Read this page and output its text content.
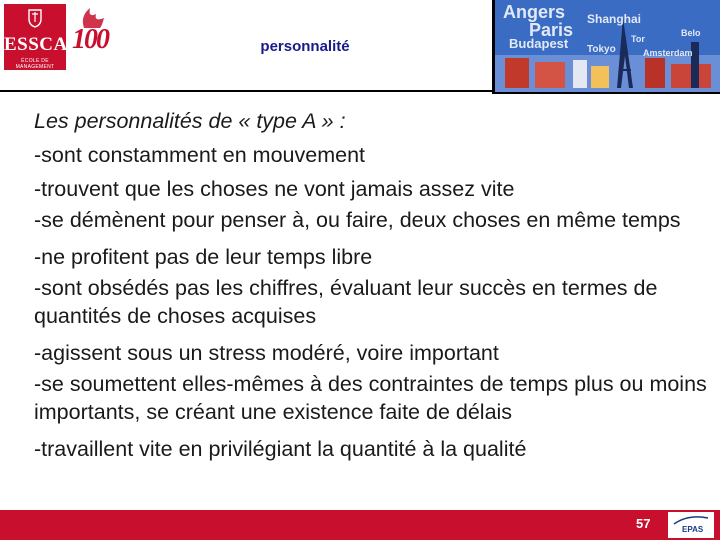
ESSCA
ÉCOLE DE MANAGEMENT
100	personnalité
Angers Shanghai
Paris
Budapest Tokyo	Amsterdam
Belo
Tor

Les personnalités de « type A » :

-sont constamment en mouvement

-trouvent que les choses ne vont jamais assez vite

-se démènent pour penser à, ou faire, deux choses en même temps

-ne profitent pas de leur temps libre

-sont obsédés pas les chiffres, évaluant leur succès en termes de quantités de choses acquises

-agissent sous un stress modéré, voire important

-se soumettent elles-mêmes à des contraintes de temps plus ou moins importants, se créant une existence faite de délais

-travaillent vite en privilégiant la quantité à la qualité

57	EPAS
